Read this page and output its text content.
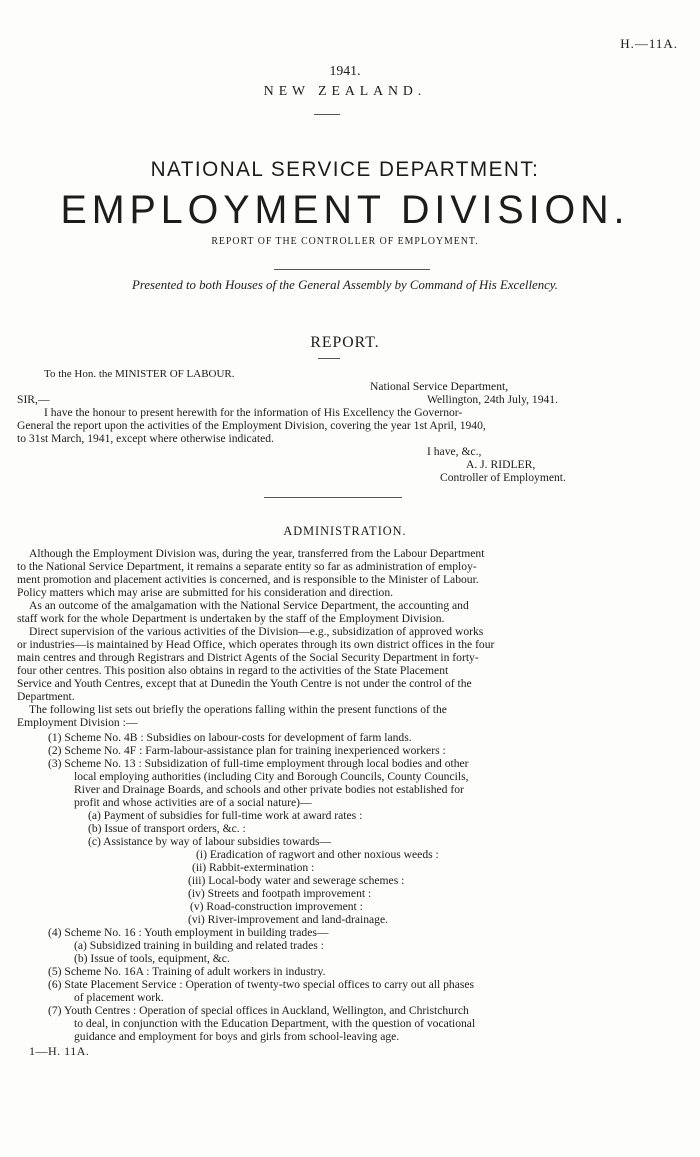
H.—11A.
1941.
NEW ZEALAND.
NATIONAL SERVICE DEPARTMENT:
EMPLOYMENT DIVISION.
REPORT OF THE CONTROLLER OF EMPLOYMENT.
Presented to both Houses of the General Assembly by Command of His Excellency.
REPORT.
To the Hon. the MINISTER OF LABOUR.
National Service Department,
SIR,—	Wellington, 24th July, 1941.
I have the honour to present herewith for the information of His Excellency the Governor-
General the report upon the activities of the Employment Division, covering the year 1st April, 1940,
to 31st March, 1941, except where otherwise indicated.
I have, &c.,
A. J. RIDLER,
Controller of Employment.
ADMINISTRATION.
Although the Employment Division was, during the year, transferred from the Labour Department
to the National Service Department, it remains a separate entity so far as administration of employ-
ment promotion and placement activities is concerned, and is responsible to the Minister of Labour.
Policy matters which may arise are submitted for his consideration and direction.
As an outcome of the amalgamation with the National Service Department, the accounting and
staff work for the whole Department is undertaken by the staff of the Employment Division.
Direct supervision of the various activities of the Division—e.g., subsidization of approved works
or industries—is maintained by Head Office, which operates through its own district offices in the four
main centres and through Registrars and District Agents of the Social Security Department in forty-
four other centres. This position also obtains in regard to the activities of the State Placement
Service and Youth Centres, except that at Dunedin the Youth Centre is not under the control of the
Department.
The following list sets out briefly the operations falling within the present functions of the
Employment Division :—
(1) Scheme No. 4B : Subsidies on labour-costs for development of farm lands.
(2) Scheme No. 4F : Farm-labour-assistance plan for training inexperienced workers :
(3) Scheme No. 13 : Subsidization of full-time employment through local bodies and other
local employing authorities (including City and Borough Councils, County Councils,
River and Drainage Boards, and schools and other private bodies not established for
profit and whose activities are of a social nature)—
(a) Payment of subsidies for full-time work at award rates :
(b) Issue of transport orders, &c. :
(c) Assistance by way of labour subsidies towards—
(i) Eradication of ragwort and other noxious weeds :
(ii) Rabbit-extermination :
(iii) Local-body water and sewerage schemes :
(iv) Streets and footpath improvement :
(v) Road-construction improvement :
(vi) River-improvement and land-drainage.
(4) Scheme No. 16 : Youth employment in building trades—
(a) Subsidized training in building and related trades :
(b) Issue of tools, equipment, &c.
(5) Scheme No. 16A : Training of adult workers in industry.
(6) State Placement Service : Operation of twenty-two special offices to carry out all phases
of placement work.
(7) Youth Centres : Operation of special offices in Auckland, Wellington, and Christchurch
to deal, in conjunction with the Education Department, with the question of vocational
guidance and employment for boys and girls from school-leaving age.
1—H. 11A.
